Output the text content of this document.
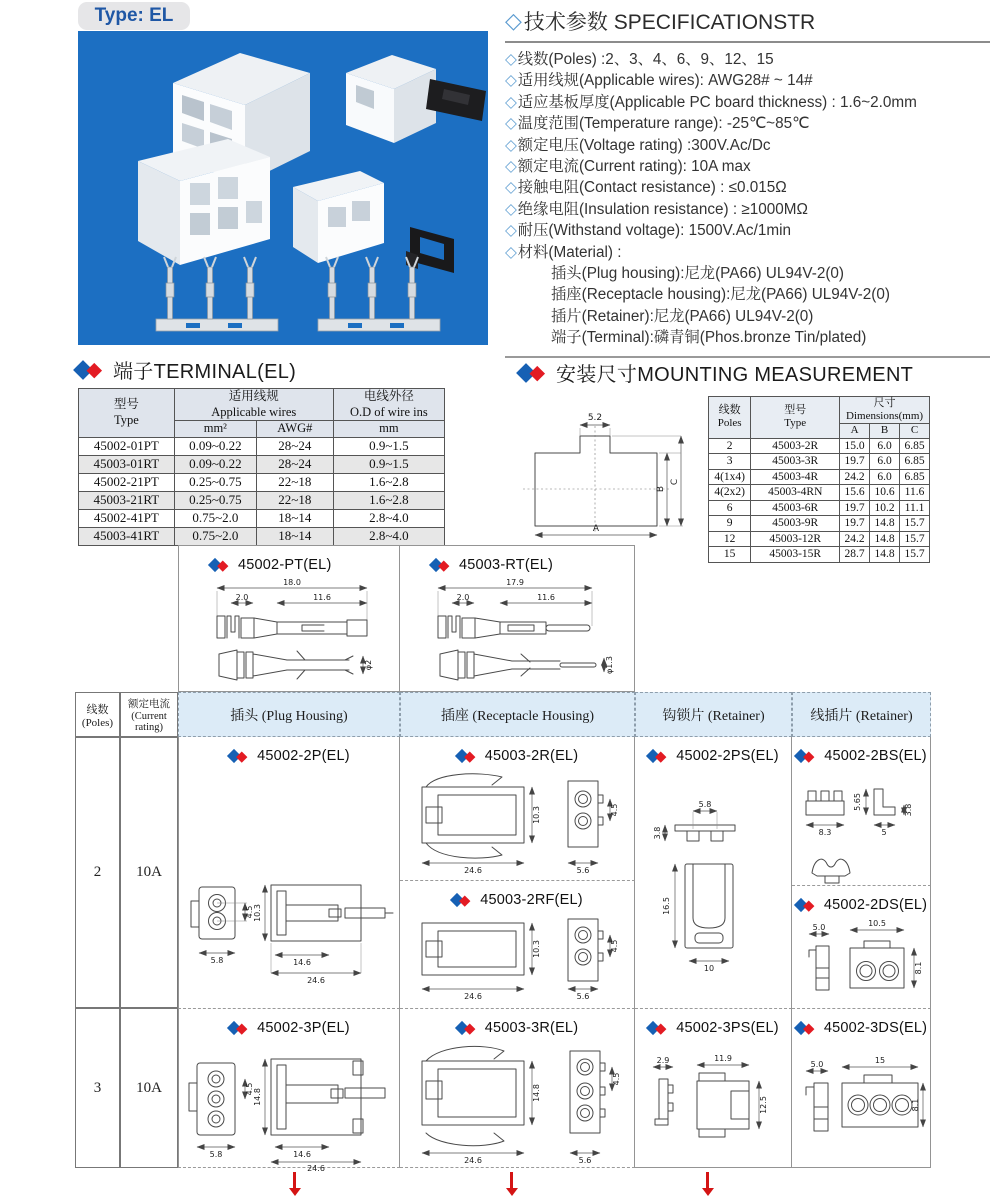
Type: EL	◇ 技术参数 SPECIFICATIONSTR
◇线数(Poles) :2、3、4、6、9、12、15
◇适用线规(Applicable wires): AWG28# ~ 14#
◇适应基板厚度(Applicable PC board thickness) : 1.6~2.0mm
◇温度范围(Temperature range): -25℃~85℃
◇额定电压(Voltage rating) :300V.Ac/Dc
◇额定电流(Current rating): 10A max
◇接触电阻(Contact resistance) : ≤0.015Ω
◇绝缘电阻(Insulation resistance) : ≥1000MΩ
◇耐压(Withstand voltage): 1500V.Ac/1min
◇材料(Material) :
插头(Plug housing):尼龙(PA66) UL94V-2(0)
插座(Receptacle housing):尼龙(PA66) UL94V-2(0)
插片(Retainer):尼龙(PA66) UL94V-2(0)
端子(Terminal):磷青铜(Phos.bronze Tin/plated)
端子TERMINAL(EL)
型号
Type	适用线规
Applicable wires		电线外径
O.D of wire ins
	mm²	AWG#	mm
45002-01PT	0.09~0.22	28~24	0.9~1.5
45003-01RT	0.09~0.22	28~24	0.9~1.5
45002-21PT	0.25~0.75	22~18	1.6~2.8
45003-21RT	0.25~0.75	22~18	1.6~2.8
45002-41PT	0.75~2.0	18~14	2.8~4.0
45003-41RT	0.75~2.0	18~14	2.8~4.0
安装尺寸MOUNTING MEASUREMENT
5.2
A
B
C
线数
Poles	型号
Type	尺寸 Dimensions(mm)		
		A	B	C
2	45003-2R	15.0	6.0	6.85
3	45003-3R	19.7	6.0	6.85
4(1x4)	45003-4R	24.2	6.0	6.85
4(2x2)	45003-4RN	15.6	10.6	11.6
6	45003-6R	19.7	10.2	11.1
9	45003-9R	19.7	14.8	15.7
12	45003-12R	24.2	14.8	15.7
15	45003-15R	28.7	14.8	15.7
45002-PT(EL)
18.0
2.0	11.6
φ2
45003-RT(EL)
17.9
2.0	11.6
φ1.3
线数
(Poles)
额定电流
(Current
rating)
插头 (Plug Housing)	插座 (Receptacle Housing)	钩锁片 (Retainer)	线插片 (Retainer)
2 10A
45002-2P(EL)
4.5
5.8
10.3
14.6
24.6
45003-2R(EL)
24.6
10.3	4.5
5.6
45003-2RF(EL)
24.6
10.3	4.5
5.6
45002-2PS(EL)
5.8
3.8
16.5
10
45002-2BS(EL)
8.3
5.65
5
3.8
45002-2DS(EL)
5.0	10.5
8.1
3 10A
45002-3P(EL)
4.5
5.8
14.8
14.6
24.6
45003-3R(EL)
24.6
14.8
4.5
5.6
45002-3PS(EL)
2.9	11.9
12.5
45002-3DS(EL)
5.0	15
8.1
